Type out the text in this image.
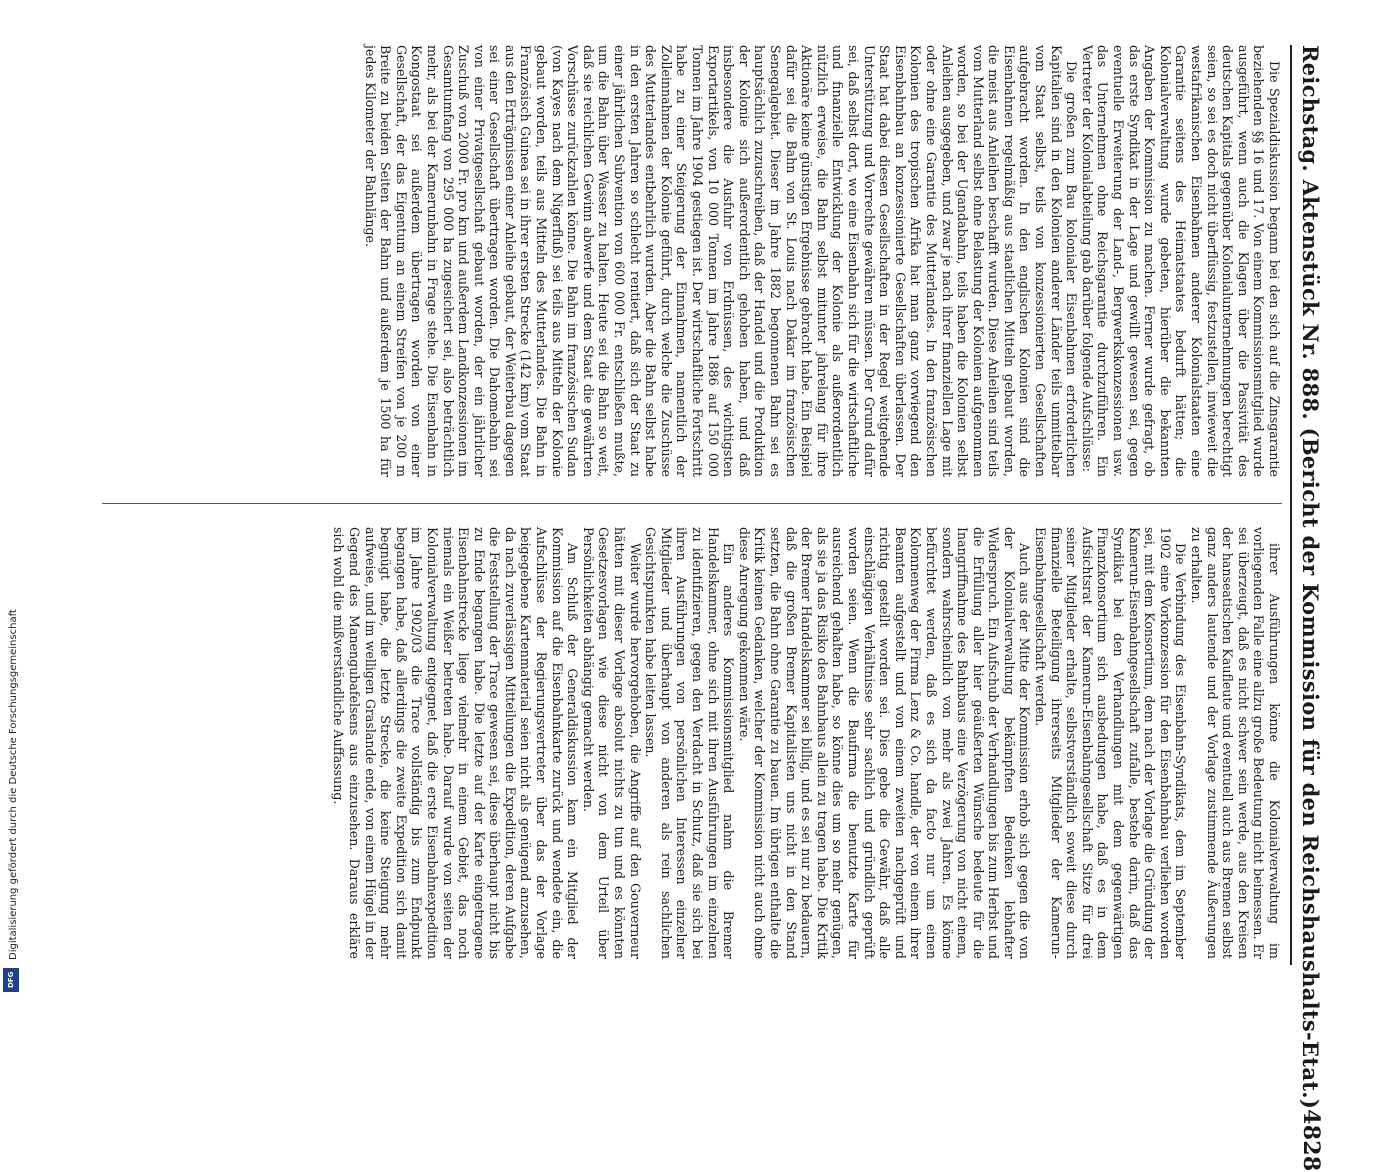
Digitalisierung gefördert durch die Deutsche Forschungsgemeinschaft
DFG	Reichstag. Aktenstück Nr. 888. (Bericht der Kommission für den Reichshaushalts-Etat.)
4828

Die Spezialdiskussion begann bei den sich auf die Zinsgarantie beziehenden §§ 16 und 17. Von einem Kommissionsmitglied wurde ausgeführt, wenn auch die Klagen über die Passivität des deutschen Kapitals gegenüber Kolonialunternehmungen berechtigt seien, so sei es doch nicht überflüssig, festzustellen, inwieweit die westafrikanischen Eisenbahnen anderer Kolonialstaaten eine Garantie seitens des Heimatstaates bedurft hätten; die Kolonialverwaltung wurde gebeten, hierüber die bekannten Angaben der Kommission zu machen. Ferner wurde gefragt, ob das erste Syndikat in der Lage und gewillt gewesen sei, gegen eventuelle Erweiterung der Land-, Bergwerkskonzessionen usw. das Unternehmen ohne Reichsgarantie durchzuführen. Ein Vertreter der Kolonialabteilung gab darüber folgende Aufschlüsse:

Die großen zum Bau kolonialer Eisenbahnen erforderlichen Kapitalien sind in den Kolonien anderer Länder teils unmittelbar vom Staat selbst, teils von konzessionierten Gesellschaften aufgebracht worden. In den englischen Kolonien sind die Eisenbahnen regelmäßig aus staatlichen Mitteln gebaut worden, die meist aus Anleihen beschafft wurden. Diese Anleihen sind teils vom Mutterland selbst ohne Belastung der Kolonien aufgenommen worden, so bei der Ugandabahn, teils haben die Kolonien selbst Anleihen ausgegeben, und zwar je nach ihrer finanziellen Lage mit oder ohne eine Garantie des Mutterlandes. In den französischen Kolonien des tropischen Afrika hat man ganz vorwiegend den Eisenbahnbau an konzessionierte Gesellschaften überlassen. Der Staat hat dabei diesen Gesellschaften in der Regel weitgehende Unterstützung und Vorrechte gewähren müssen. Der Grund dafür sei, daß selbst dort, wo eine Eisenbahn sich für die wirtschaftliche und finanzielle Entwicklung der Kolonie als außerordentlich nützlich erweise, die Bahn selbst mitunter jahrelang für ihre Aktionäre keine günstigen Ergebnisse gebracht habe. Ein Beispiel dafür sei die Bahn von St. Louis nach Dakar im französischen Senegalgebiet. Dieser im Jahre 1882 begonnenen Bahn sei es hauptsächlich zuzuschreiben, daß der Handel und die Produktion der Kolonie sich außerordentlich gehoben haben, und daß insbesondere die Ausfuhr von Erdnüssen, des wichtigsten Exportartikels, von 10 000 Tonnen im Jahre 1886 auf 150 000 Tonnen im Jahre 1904 gestiegen ist. Der wirtschaftliche Fortschritt habe zu einer Steigerung der Einnahmen, namentlich der Zolleinnahmen der Kolonie geführt, durch welche die Zuschüsse des Mutterlandes entbehrlich wurden. Aber die Bahn selbst habe in den ersten Jahren so schlecht rentiert, daß sich der Staat zu einer jährlichen Subvention von 600 000 Fr. entschließen mußte, um die Bahn über Wasser zu halten. Heute sei die Bahn so weit, daß sie reichlichen Gewinn abwerfe und dem Staat die gewährten Vorschüsse zurückzahlen könne. Die Bahn im französischen Sudan (von Kayes nach dem Nigerfluß) sei teils aus Mitteln der Kolonie gebaut worden, teils aus Mitteln des Mutterlandes. Die Bahn in Französisch Guinea sei in ihrer ersten Strecke (142 km) vom Staat aus den Erträgnissen einer Anleihe gebaut, der Weiterbau dagegen sei einer Gesellschaft übertragen worden. Die Dahomebahn sei von einer Privatgesellschaft gebaut worden, der ein jährlicher Zuschuß von 2000 Fr. pro km und außerdem Landkonzessionen im Gesamtumfang von 295 000 ha zugesichert sei, also beträchtlich mehr, als bei der Kamerunbahn in Frage stehe. Die Eisenbahn in Kongostaat sei außerdem übertragen worden von einer Gesellschaft, der das Eigentum an einem Streifen von je 200 m Breite zu beiden Seiten der Bahn und außerdem je 1500 ha für jedes Kilometer der Bahnlänge.

ihrer Ausführungen könne die Kolonialverwaltung im vorliegenden Falle eine allzu große Bedeutung nicht beimessen. Er sei überzeugt, daß es nicht schwer sein werde, aus den Kreisen der hanseatischen Kaufleute und eventuell auch aus Bremen selbst ganz anders lautende und der Vorlage zustimmende Äußerungen zu erhalten.

Die Verbindung des Eisenbahn-Syndikats, dem im September 1902 eine Vorkonzession für den Eisenbahnbau verliehen worden sei, mit dem Konsortium, dem nach der Vorlage die Gründung der Kamerun-Eisenbahngesellschaft zufalle, bestehe darin, daß das Syndikat bei den Verhandlungen mit dem gegenwärtigen Finanzkonsortium sich ausbedungen habe, daß es in dem Aufsichtsrat der Kamerun-Eisenbahngesellschaft Sitze für drei seiner Mitglieder erhalte, selbstverständlich soweit diese durch finanzielle Beteiligung ihrerseits Mitglieder der Kamerun-Eisenbahngesellschaft werden.

Auch aus der Mitte der Kommission erhob sich gegen die von der Kolonialverwaltung bekämpften Bedenken lebhafter Widerspruch. Ein Aufschub der Verhandlungen bis zum Herbst und die Erfüllung aller hier geäußerten Wünsche bedeute für die Inangriffnahme des Bahnbaus eine Verzögerung von nicht einem, sondern wahrscheinlich von mehr als zwei Jahren. Es könne befürchtet werden, daß es sich da facto nur um einen Kolonnenweg der Firma Lenz & Co. handle, der von einem ihrer Beamten aufgestellt und von einem zweiten nachgeprüft und richtig gestellt worden sei. Dies gebe die Gewähr, daß alle einschlägigen Verhältnisse sehr sachlich und gründlich geprüft worden seien. Wenn die Baufirma die benutzte Karte für ausreichend gehalten habe, so könne dies um so mehr genügen, als sie ja das Risiko des Bahnbaus allein zu tragen habe. Die Kritik der Bremer Handelskammer sei billig, und es sei nur zu bedauern, daß die großen Bremer Kapitalisten uns nicht in den Stand setzten, die Bahn ohne Garantie zu bauen. Im übrigen enthalte die Kritik keinen Gedanken, welcher der Kommission nicht auch ohne diese Anregung gekommen wäre.

Ein anderes Kommissionsmitglied nahm die Bremer Handelskammer, ohne sich mit ihren Ausführungen im einzelnen zu identifizieren, gegen den Verdacht in Schutz, daß sie sich bei ihren Ausführungen von persönlichen Interessen einzelner Mitglieder und überhaupt von anderen als rein sachlichen Gesichtspunkten habe leiten lassen.

Weiter wurde hervorgehoben, die Angriffe auf den Gouverneur hätten mit dieser Vorlage absolut nichts zu tun und es könnten Gesetzesvorlagen wie diese nicht von dem Urteil über Persönlichkeiten abhängig gemacht werden.

Am Schluß der Generaldiskussion kam ein Mitglied der Kommission auf die Eisenbahnkarte zurück und wendete ein, die Aufschlüsse der Regierungsvertreter über das der Vorlage beigegebene Kartenmaterial seien nicht als genügend anzusehen, da nach zuverlässigen Mitteilungen die Expedition, deren Aufgabe die Feststellung der Trace gewesen sei, diese überhaupt nicht bis zu Ende begangen habe. Die letzte auf der Karte eingetragene Eisenbahnstrecke liege vielmehr in einem Gebiet, das noch niemals ein Weißer betreten habe. Darauf wurde von seiten der Kolonialverwaltung entgegnet, daß die erste Eisenbahnexpedition im Jahre 1902/03 die Trace vollständig bis zum Endpunkt begangen habe, daß allerdings die zweite Expedition sich damit begnügt habe, die letzte Strecke, die keine Steigung mehr aufweise, und im welligen Graslande ende, von einem Hügel in der Gegend des Manengubafelsens aus einzusehen. Daraus erkläre sich wohl die mißverständliche Auffassung.
